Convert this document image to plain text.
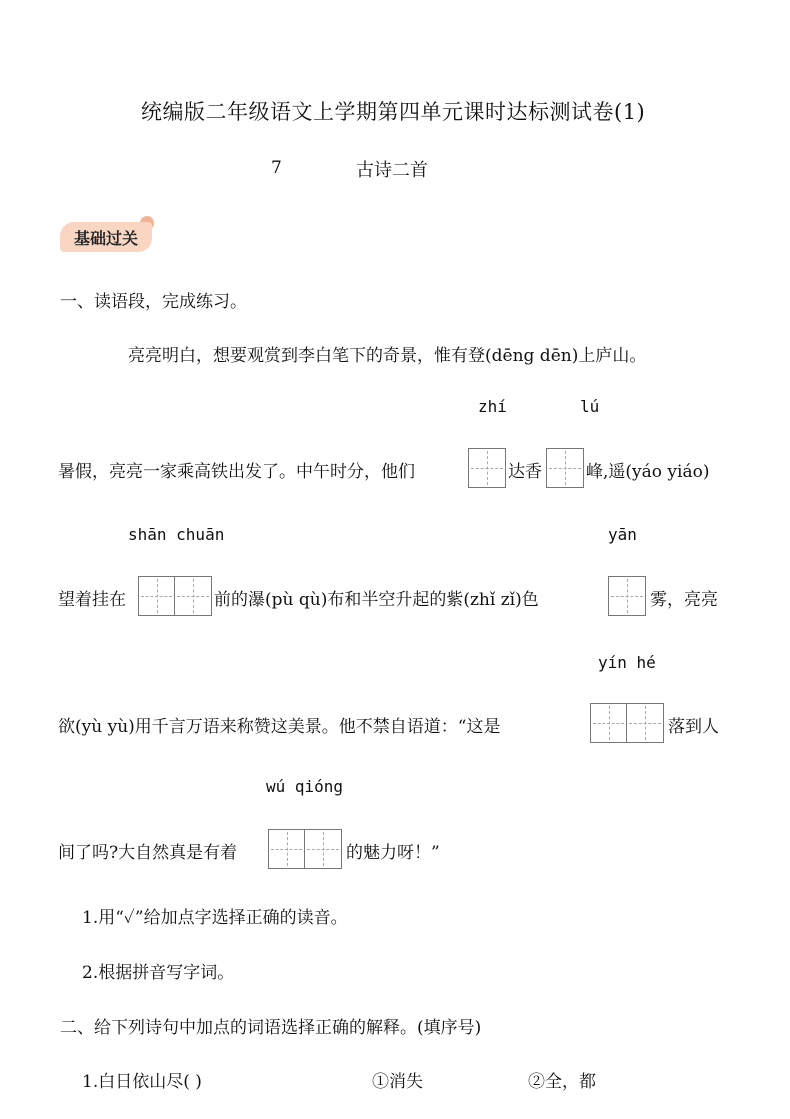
统编版二年级语文上学期第四单元课时达标测试卷(1)
7	古诗二首
基础过关
一、读语段，完成练习。
亮亮明白，想要观赏到李白笔下的奇景，惟有登(dēng dēn)上庐山。
zhí	lú
暑假，亮亮一家乘高铁出发了。中午时分，他们	达香	峰,遥(yáo yiáo)
shān chuān	yān
望着挂在	前的瀑(pù qù)布和半空升起的紫(zhǐ zǐ)色	雾，亮亮
yín hé
欲(yù yù)用千言万语来称赞这美景。他不禁自语道：“这是	落到人
wú qióng
间了吗?大自然真是有着	的魅力呀！”
1.用“✓”给加点字选择正确的读音。
2.根据拼音写字词。
二、给下列诗句中加点的词语选择正确的解释。(填序号)
1.白日依山尽( )	①消失	②全，都
